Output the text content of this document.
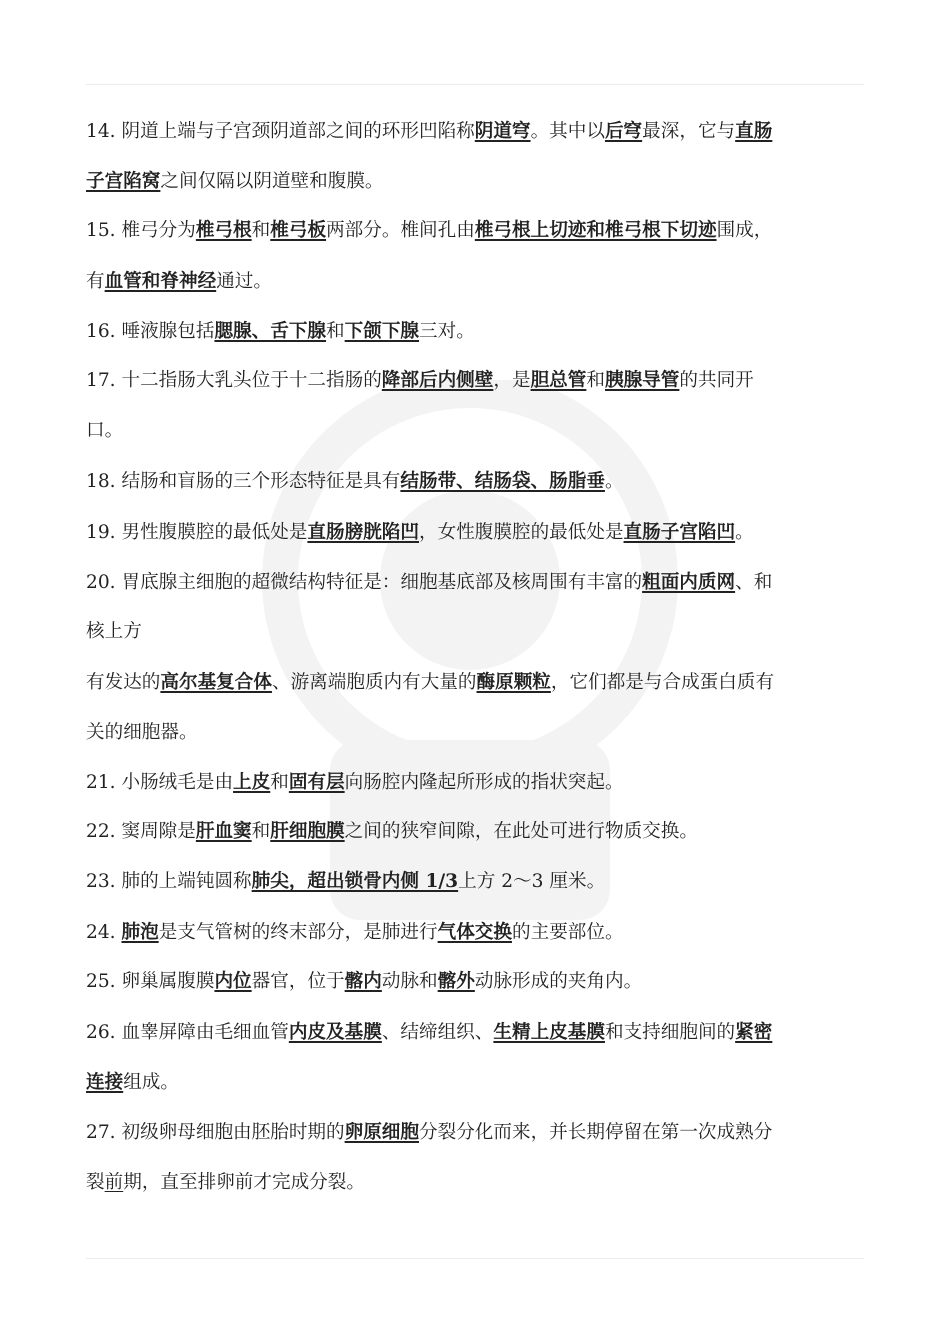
14. 阴道上端与子宫颈阴道部之间的环形凹陷称阴道穹。其中以后穹最深，它与直肠
子宫陷窝之间仅隔以阴道壁和腹膜。
15. 椎弓分为椎弓根和椎弓板两部分。椎间孔由椎弓根上切迹和椎弓根下切迹围成，
有血管和脊神经通过。
16. 唾液腺包括腮腺、舌下腺和下颌下腺三对。
17. 十二指肠大乳头位于十二指肠的降部后内侧壁，是胆总管和胰腺导管的共同开
口。
18. 结肠和盲肠的三个形态特征是具有结肠带、结肠袋、肠脂垂。
19. 男性腹膜腔的最低处是直肠膀胱陷凹，女性腹膜腔的最低处是直肠子宫陷凹。
20. 胃底腺主细胞的超微结构特征是：细胞基底部及核周围有丰富的粗面内质网、和
核上方
有发达的高尔基复合体、游离端胞质内有大量的酶原颗粒，它们都是与合成蛋白质有
关的细胞器。
21. 小肠绒毛是由上皮和固有层向肠腔内隆起所形成的指状突起。
22. 窦周隙是肝血窦和肝细胞膜之间的狭窄间隙，在此处可进行物质交换。
23. 肺的上端钝圆称肺尖，超出锁骨内侧 1/3上方 2～3 厘米。
24. 肺泡是支气管树的终末部分，是肺进行气体交换的主要部位。
25. 卵巢属腹膜内位器官，位于髂内动脉和髂外动脉形成的夹角内。
26. 血睾屏障由毛细血管内皮及基膜、结缔组织、生精上皮基膜和支持细胞间的紧密
连接组成。
27. 初级卵母细胞由胚胎时期的卵原细胞分裂分化而来，并长期停留在第一次成熟分
裂前期，直至排卵前才完成分裂。
